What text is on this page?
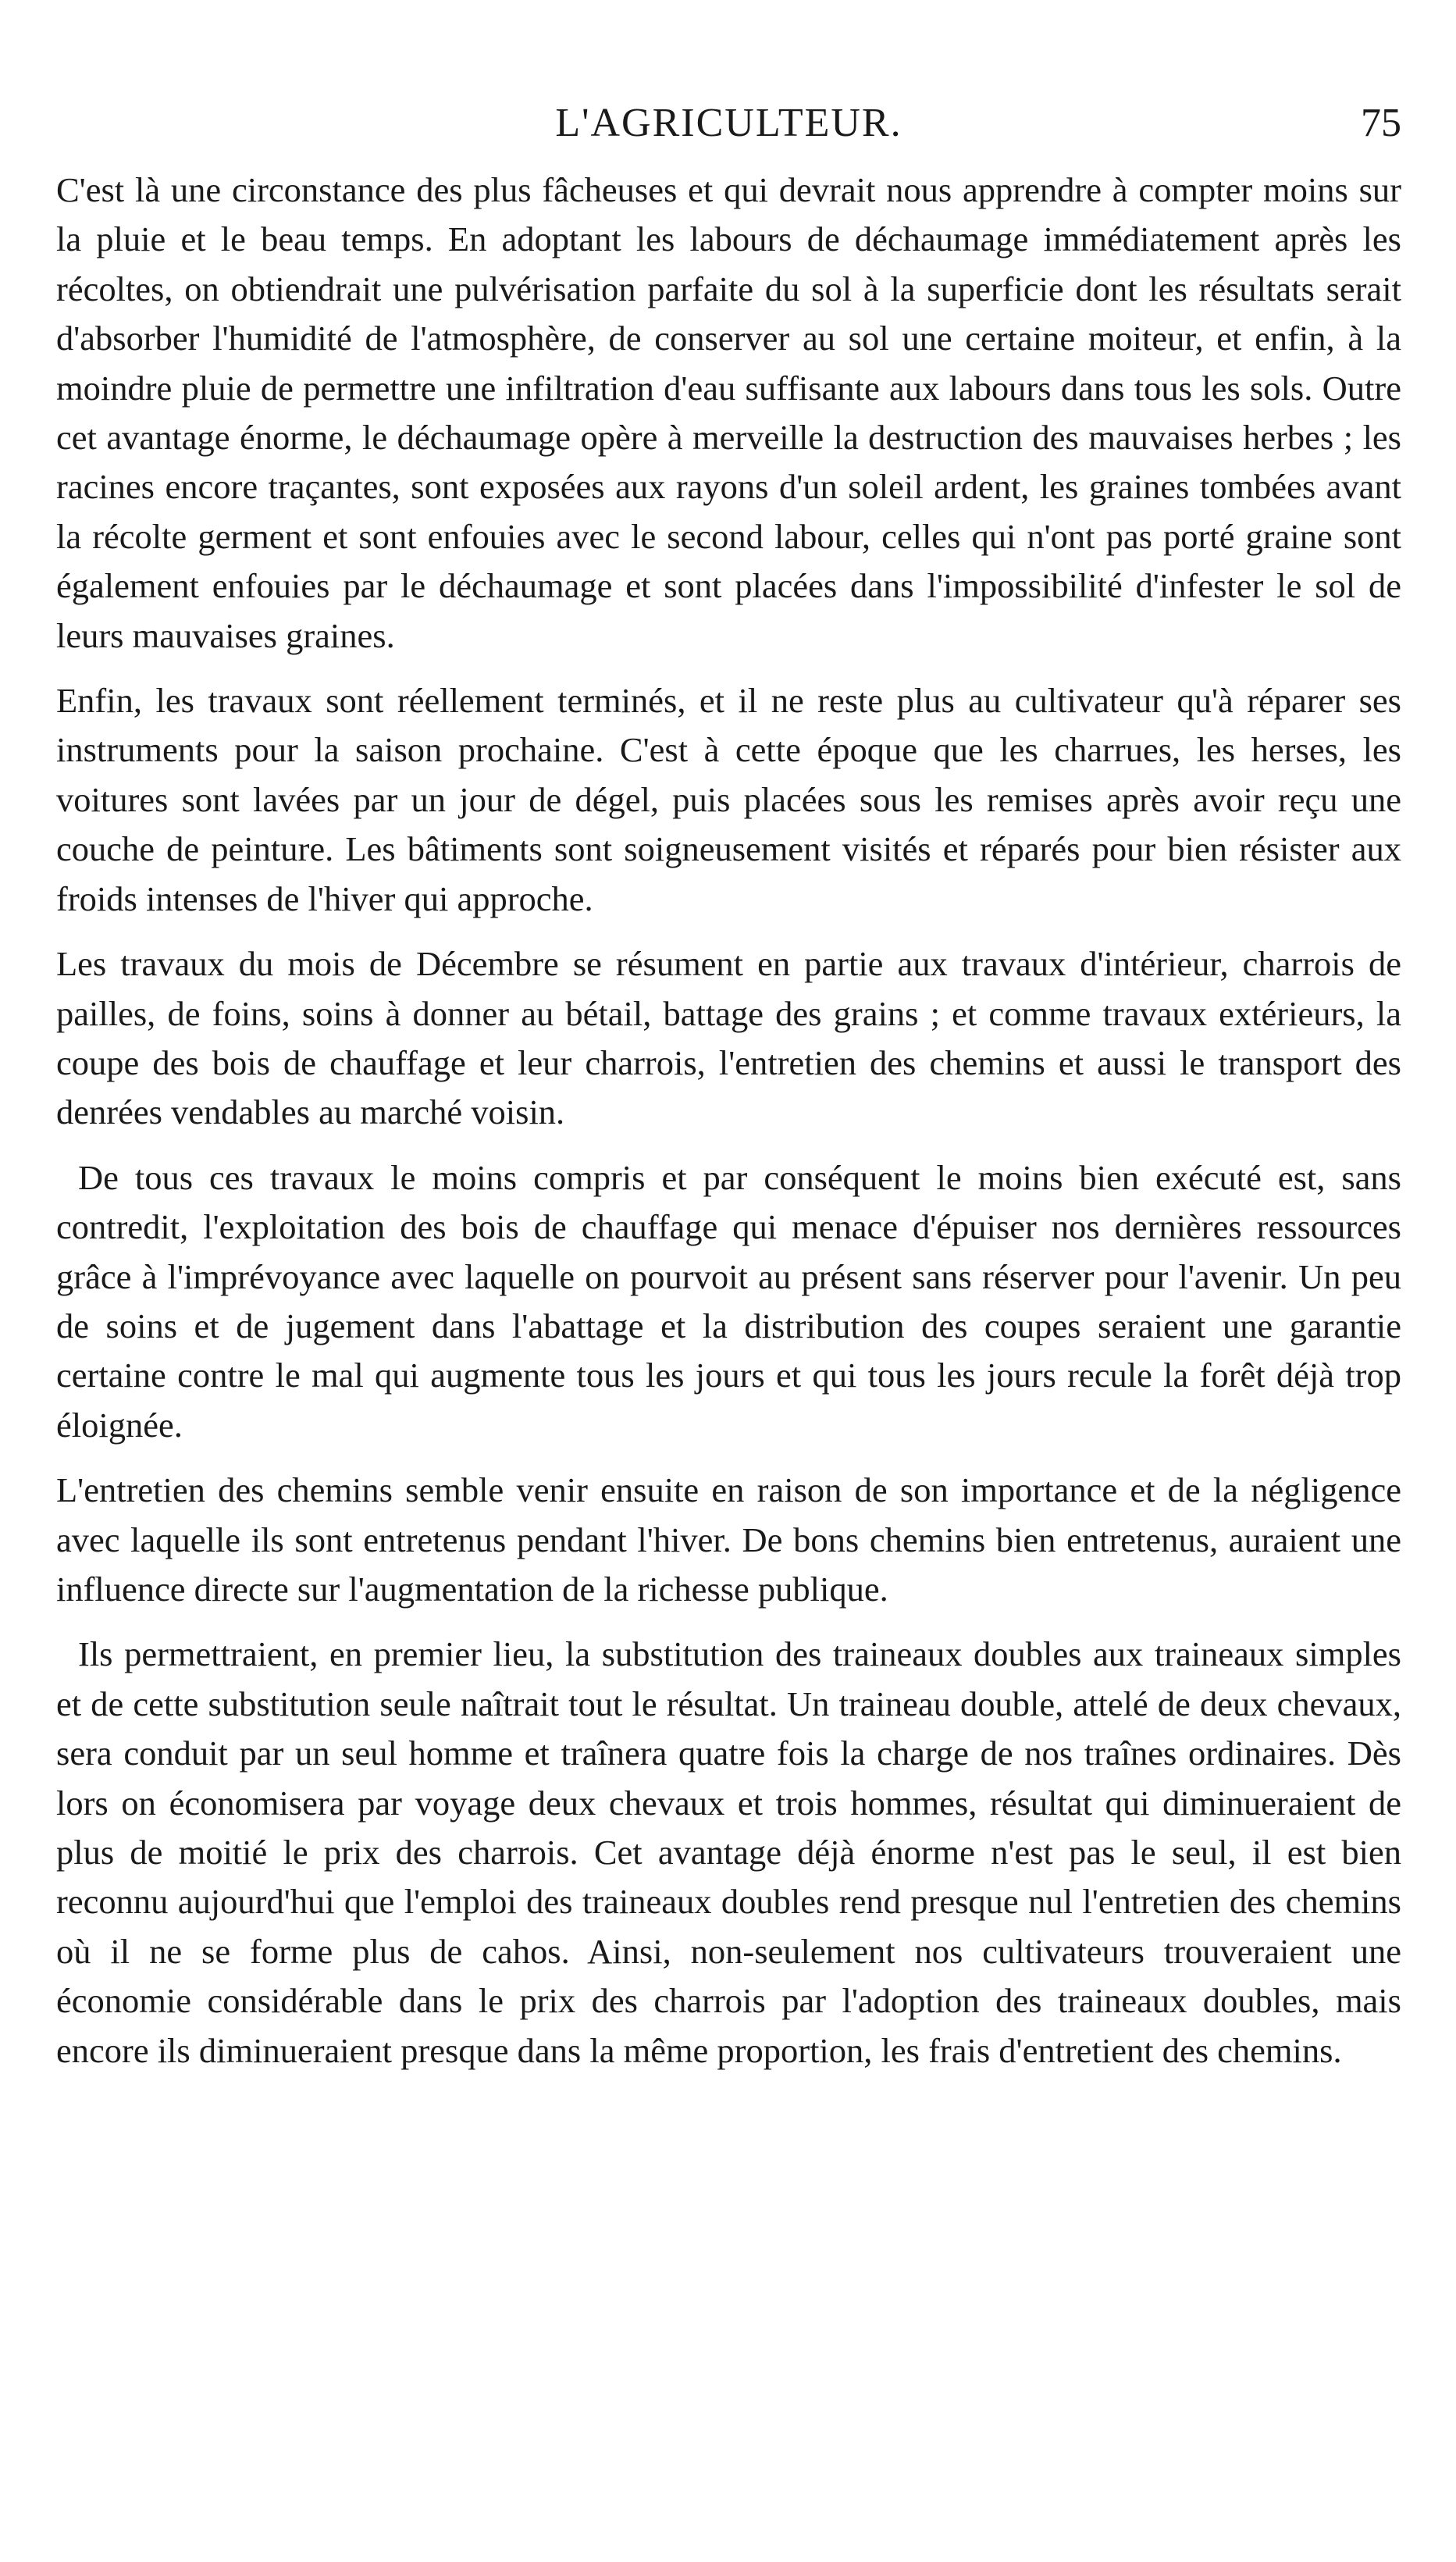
L'AGRICULTEUR.	75

C'est là une circonstance des plus fâcheuses et qui devrait nous apprendre à compter moins sur la pluie et le beau temps. En adoptant les labours de déchaumage immédiatement après les récoltes, on obtiendrait une pulvérisation parfaite du sol à la superficie dont les résultats serait d'absorber l'humidité de l'atmosphère, de conserver au sol une certaine moiteur, et enfin, à la moindre pluie de permettre une infiltration d'eau suffisante aux labours dans tous les sols. Outre cet avantage énorme, le déchaumage opère à merveille la destruction des mauvaises herbes ; les racines encore traçantes, sont exposées aux rayons d'un soleil ardent, les graines tombées avant la récolte germent et sont enfouies avec le second labour, celles qui n'ont pas porté graine sont également enfouies par le déchaumage et sont placées dans l'impossibilité d'infester le sol de leurs mauvaises graines.

Enfin, les travaux sont réellement terminés, et il ne reste plus au cultivateur qu'à réparer ses instruments pour la saison prochaine. C'est à cette époque que les charrues, les herses, les voitures sont lavées par un jour de dégel, puis placées sous les remises après avoir reçu une couche de peinture. Les bâtiments sont soigneusement visités et réparés pour bien résister aux froids intenses de l'hiver qui approche.

Les travaux du mois de Décembre se résument en partie aux travaux d'intérieur, charrois de pailles, de foins, soins à donner au bétail, battage des grains ; et comme travaux extérieurs, la coupe des bois de chauffage et leur charrois, l'entretien des chemins et aussi le transport des denrées vendables au marché voisin.

De tous ces travaux le moins compris et par conséquent le moins bien exécuté est, sans contredit, l'exploitation des bois de chauffage qui menace d'épuiser nos dernières ressources grâce à l'imprévoyance avec laquelle on pourvoit au présent sans réserver pour l'avenir. Un peu de soins et de jugement dans l'abattage et la distribution des coupes seraient une garantie certaine contre le mal qui augmente tous les jours et qui tous les jours recule la forêt déjà trop éloignée.

L'entretien des chemins semble venir ensuite en raison de son importance et de la négligence avec laquelle ils sont entretenus pendant l'hiver. De bons chemins bien entretenus, auraient une influence directe sur l'augmentation de la richesse publique.

Ils permettraient, en premier lieu, la substitution des traineaux doubles aux traineaux simples et de cette substitution seule naîtrait tout le résultat. Un traineau double, attelé de deux chevaux, sera conduit par un seul homme et traînera quatre fois la charge de nos traînes ordinaires. Dès lors on économisera par voyage deux chevaux et trois hommes, résultat qui diminueraient de plus de moitié le prix des charrois. Cet avantage déjà énorme n'est pas le seul, il est bien reconnu aujourd'hui que l'emploi des traineaux doubles rend presque nul l'entretien des chemins où il ne se forme plus de cahos. Ainsi, non-seulement nos cultivateurs trouveraient une économie considérable dans le prix des charrois par l'adoption des traineaux doubles, mais encore ils diminueraient presque dans la même proportion, les frais d'entretient des chemins.
